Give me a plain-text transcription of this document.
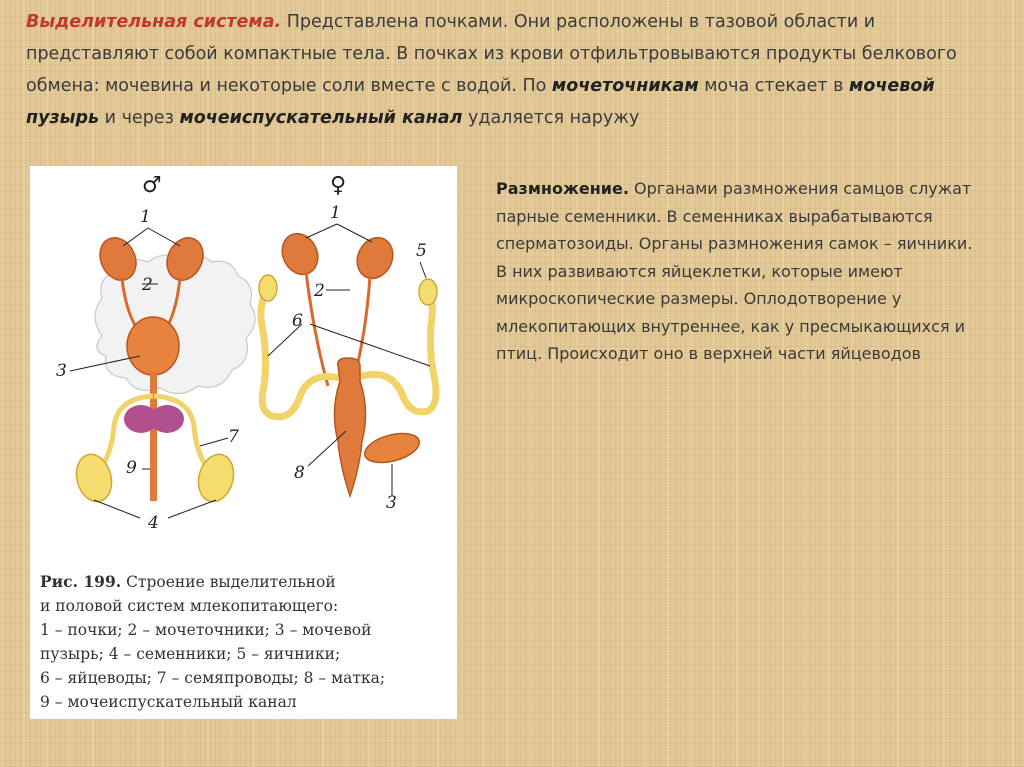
Выделительная система. Представлена почками. Они расположены в тазовой области и представляют собой компактные тела. В почках из крови отфильтровываются продукты белкового обмена: мочевина и некоторые соли вместе с водой. По мочеточникам моча стекает в мочевой пузырь и через мочеиспускательный канал удаляется наружу

♂
1
2
3
7
9
4
♀
1
5
2
6
8
3
Рис. 199. Строение выделительной
и половой систем млекопитающего:
1 – почки; 2 – мочеточники; 3 – мочевой
пузырь; 4 – семенники; 5 – яичники;
6 – яйцеводы; 7 – семяпроводы; 8 – матка;
9 – мочеиспускательный канал

Размножение. Органами размножения самцов служат парные семенники. В семенниках вырабатываются сперматозоиды. Органы размножения самок – яичники. В них развиваются яйцеклетки, которые имеют микроскопические размеры. Оплодотворение у млекопитающих внутреннее, как у пресмыкающихся и птиц. Происходит оно в верхней части яйцеводов
